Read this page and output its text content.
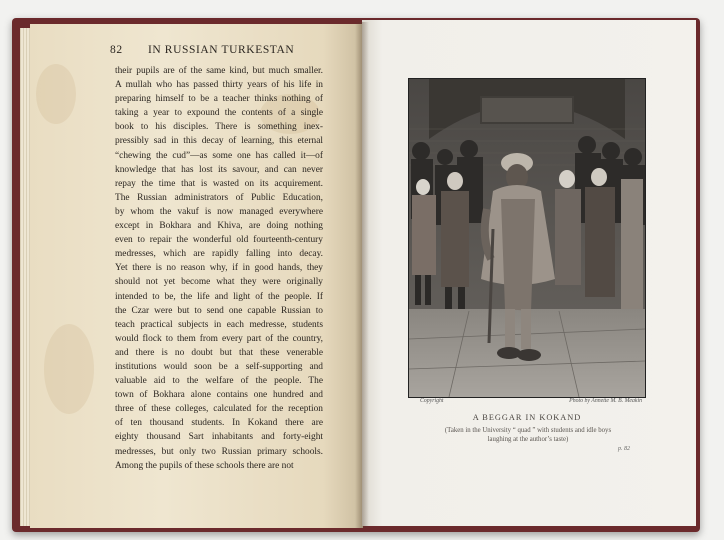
82 IN RUSSIAN TURKESTAN
their pupils are of the same kind, but much smaller.
A mullah who has passed thirty years of his life in
preparing himself to be a teacher thinks nothing of
taking a year to expound the contents of a single
book to his disciples. There is something inex-
pressibly sad in this decay of learning, this eternal
“chewing the cud”—as some one has called it—of
knowledge that has lost its savour, and can never
repay the time that is wasted on its acquirement.
The Russian administrators of Public Education,
by whom the vakuf is now managed everywhere
except in Bokhara and Khiva, are doing nothing
even to repair the wonderful old fourteenth-century
medresses, which are rapidly falling into decay.
Yet there is no reason why, if in good hands, they
should not yet become what they were originally
intended to be, the life and light of the people. If
the Czar were but to send one capable Russian to
teach practical subjects in each medresse, students
would flock to them from every part of the country,
and there is no doubt but that these venerable
institutions would soon be a self-supporting and
valuable aid to the welfare of the people. The
town of Bokhara alone contains one hundred and
three of these colleges, calculated for the reception
of ten thousand students. In Kokand there are
eighty thousand Sart inhabitants and forty-eight
medresses, but only two Russian primary schools.
Among the pupils of these schools there are not
Copyright	Photo by Annette M. B. Meakin
A BEGGAR IN KOKAND
(Taken in the University “ quad ” with students and idle boys
laughing at the author’s taste)
p. 82
